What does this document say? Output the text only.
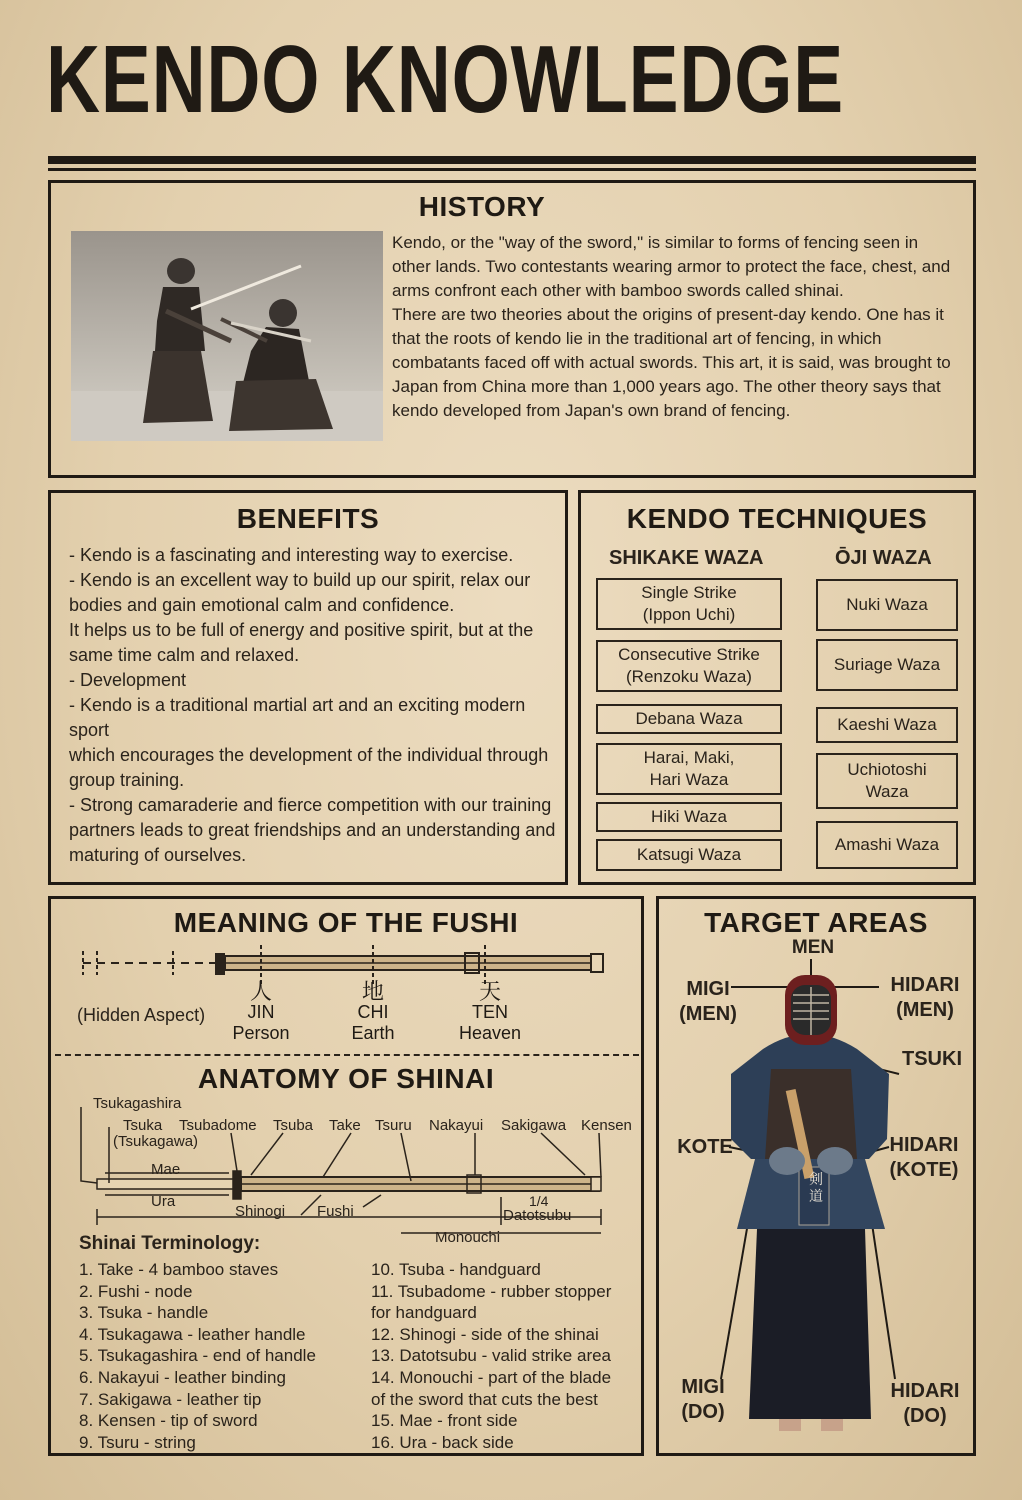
KENDO KNOWLEDGE
HISTORY

Kendo, or the "way of the sword," is similar to forms of fencing seen in other lands. Two contestants wearing armor to protect the face, chest, and arms confront each other with bamboo swords called shinai.

There are two theories about the origins of present-day kendo. One has it that the roots of kendo lie in the traditional art of fencing, in which combatants faced off with actual swords. This art, it is said, was brought to Japan from China more than 1,000 years ago. The other theory says that kendo developed from Japan's own brand of fencing.

BENEFITS

- Kendo is a fascinating and interesting way to exercise.

- Kendo is an excellent way to build up our spirit, relax our bodies and gain emotional calm and confidence.

It helps us to be full of energy and positive spirit, but at the same time calm and relaxed.

- Development

- Kendo is a traditional martial art and an exciting modern sport

which encourages the development of the individual through group training.

- Strong camaraderie and fierce competition with our training partners leads to great friendships and an understanding and maturing of ourselves.

KENDO TECHNIQUES
SHIKAKE WAZA	ŌJI WAZA
Single Strike
(Ippon Uchi)
Consecutive Strike
(Renzoku Waza)
Debana Waza
Harai, Maki,
Hari Waza
Hiki Waza
Katsugi Waza
Nuki Waza
Suriage Waza
Kaeshi Waza
Uchiotoshi
Waza
Amashi Waza
MEANING OF THE FUSHI
(Hidden Aspect)
人
JIN
Person
地
CHI
Earth
天
TEN
Heaven
ANATOMY OF SHINAI
Tsukagashira
Tsuka
(Tsukagawa)
Tsubadome Tsuba Take Tsuru Nakayui Sakigawa Kensen
Mae
Ura
Shinogi Fushi
1/4
Datotsubu
Monouchi
Shinai Terminology:
1. Take - 4 bamboo staves
2. Fushi - node
3. Tsuka - handle
4. Tsukagawa - leather handle
5. Tsukagashira - end of handle
6. Nakayui - leather binding
7. Sakigawa - leather tip
8. Kensen - tip of sword
9. Tsuru - string
10. Tsuba - handguard
11. Tsubadome - rubber stopper
for handguard
12. Shinogi - side of the shinai
13. Datotsubu - valid strike area
14. Monouchi - part of the blade
of the sword that cuts the best
15. Mae - front side
16. Ura - back side
TARGET AREAS
MEN
MIGI
(MEN)
HIDARI
(MEN)
TSUKI
KOTE	HIDARI
(KOTE)
MIGI
(DO)
HIDARI
(DO)
剣道
